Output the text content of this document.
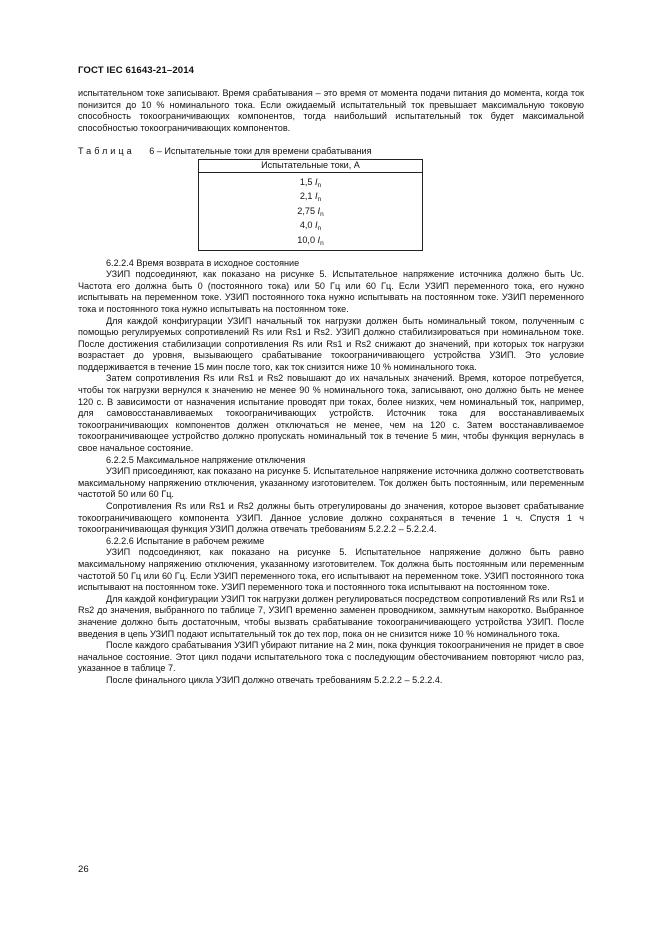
ГОСТ IEC 61643-21–2014

испытательном токе записывают. Время срабатывания – это время от момента подачи питания до момента, когда ток понизится до 10 % номинального тока. Если ожидаемый испытательный ток превышает максимальную токовую способность токоограничивающих компонентов, тогда наибольший испытательный ток будет максимальной способностью токоограничивающих компонентов.

Таблица 6 – Испытательные токи для времени срабатывания
Испытательные токи, А
1,5 $I_n$
2,1 $I_n$
2,75 $I_n$
4,0 $I_n$
10,0 $I_n$

6.2.2.4 Время возврата в исходное состояние

УЗИП подсоединяют, как показано на рисунке 5. Испытательное напряжение источника должно быть Uс. Частота его должна быть 0 (постоянного тока) или 50 Гц или 60 Гц. Если УЗИП переменного тока, его нужно испытывать на переменном токе. УЗИП постоянного тока нужно испытывать на постоянном токе. УЗИП переменного тока и постоянного тока нужно испытывать на постоянном токе.

Для каждой конфигурации УЗИП начальный ток нагрузки должен быть номинальный током, полученным с помощью регулируемых сопротивлений Rs или Rs1 и Rs2. УЗИП должно стабилизироваться при номинальном токе. После достижения стабилизации сопротивления Rs или Rs1 и Rs2 снижают до значений, при которых ток нагрузки возрастает до уровня, вызывающего срабатывание токоограничивающего устройства УЗИП. Это условие поддерживается в течение 15 мин после того, как ток снизится ниже 10 % номинального тока.

Затем сопротивления Rs или Rs1 и Rs2 повышают до их начальных значений. Время, которое потребуется, чтобы ток нагрузки вернулся к значению не менее 90 % номинального тока, записывают, оно должно быть не менее 120 с. В зависимости от назначения испытание проводят при токах, более низких, чем номинальный ток, например, для самовосстанавливаемых токоограничивающих устройств. Источник тока для восстанавливаемых токоограничивающих компонентов должен отключаться не менее, чем на 120 с. Затем восстанавливаемое токоограничивающее устройство должно пропускать номинальный ток в течение 5 мин, чтобы функция вернулась в свое начальное состояние.

6.2.2.5 Максимальное напряжение отключения

УЗИП присоединяют, как показано на рисунке 5. Испытательное напряжение источника должно соответствовать максимальному напряжению отключения, указанному изготовителем. Ток должен быть постоянным, или переменным частотой 50 или 60 Гц.

Сопротивления Rs или Rs1 и Rs2 должны быть отрегулированы до значения, которое вызовет срабатывание токоограничивающего компонента УЗИП. Данное условие должно сохраняться в течение 1 ч. Спустя 1 ч токоограничивающая функция УЗИП должна отвечать требованиям 5.2.2.2 – 5.2.2.4.

6.2.2.6 Испытание в рабочем режиме

УЗИП подсоединяют, как показано на рисунке 5. Испытательное напряжение должно быть равно максимальному напряжению отключения, указанному изготовителем. Ток должна быть постоянным или переменным частотой 50 Гц или 60 Гц. Если УЗИП переменного тока, его испытывают на переменном токе. УЗИП постоянного тока испытывают на постоянном токе. УЗИП переменного тока и постоянного тока испытывают на постоянном токе.

Для каждой конфигурации УЗИП ток нагрузки должен регулироваться посредством сопротивлений Rs или Rs1 и Rs2 до значения, выбранного по таблице 7, УЗИП временно заменен проводником, замкнутым накоротко. Выбранное значение должно быть достаточным, чтобы вызвать срабатывание токоограничивающего устройства УЗИП. После введения в цепь УЗИП подают испытательный ток до тех пор, пока он не снизится ниже 10 % номинального тока.

После каждого срабатывания УЗИП убирают питание на 2 мин, пока функция токоограничения не придет в свое начальное состояние. Этот цикл подачи испытательного тока с последующим обесточиванием повторяют число раз, указанное в таблице 7.

После финального цикла УЗИП должно отвечать требованиям 5.2.2.2 – 5.2.2.4.

26
